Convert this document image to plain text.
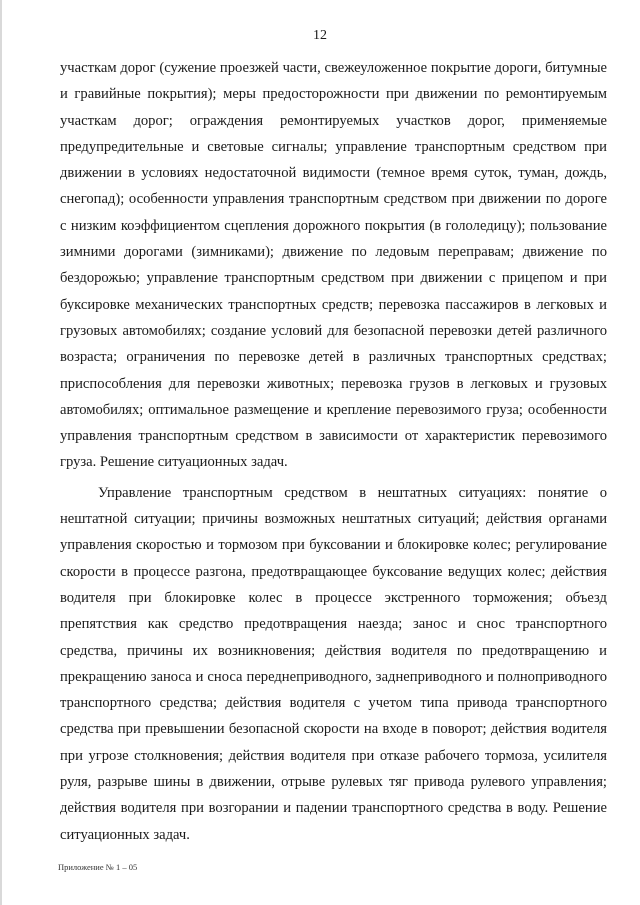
12

участкам дорог (сужение проезжей части, свежеуложенное покрытие дороги, битумные и гравийные покрытия); меры предосторожности при движении по ремонтируемым участкам дорог; ограждения ремонтируемых участков дорог, применяемые предупредительные и световые сигналы; управление транспортным средством при движении в условиях недостаточной видимости (темное время суток, туман, дождь, снегопад); особенности управления транспортным средством при движении по дороге с низким коэффициентом сцепления дорожного покрытия (в гололедицу); пользование зимними дорогами (зимниками); движение по ледовым переправам; движение по бездорожью; управление транспортным средством при движении с прицепом и при буксировке механических транспортных средств; перевозка пассажиров в легковых и грузовых автомобилях; создание условий для безопасной перевозки детей различного возраста; ограничения по перевозке детей в различных транспортных средствах; приспособления для перевозки животных; перевозка грузов в легковых и грузовых автомобилях; оптимальное размещение и крепление перевозимого груза; особенности управления транспортным средством в зависимости от характеристик перевозимого груза. Решение ситуационных задач.

Управление транспортным средством в нештатных ситуациях: понятие о нештатной ситуации; причины возможных нештатных ситуаций; действия органами управления скоростью и тормозом при буксовании и блокировке колес; регулирование скорости в процессе разгона, предотвращающее буксование ведущих колес; действия водителя при блокировке колес в процессе экстренного торможения; объезд препятствия как средство предотвращения наезда; занос и снос транспортного средства, причины их возникновения; действия водителя по предотвращению и прекращению заноса и сноса переднеприводного, заднеприводного и полноприводного транспортного средства; действия водителя с учетом типа привода транспортного средства при превышении безопасной скорости на входе в поворот; действия водителя при угрозе столкновения; действия водителя при отказе рабочего тормоза, усилителя руля, разрыве шины в движении, отрыве рулевых тяг привода рулевого управления; действия водителя при возгорании и падении транспортного средства в воду. Решение ситуационных задач.

Приложение № 1 – 05
